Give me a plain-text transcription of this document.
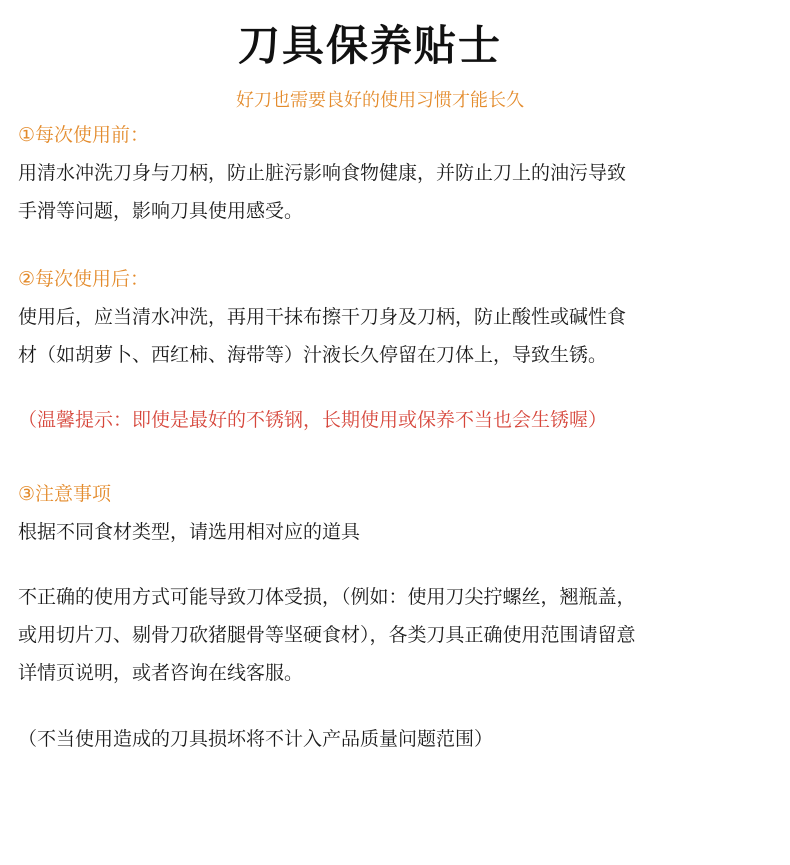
刀具保养贴士
好刀也需要良好的使用习惯才能长久
①每次使用前：
用清水冲洗刀身与刀柄，防止脏污影响食物健康，并防止刀上的油污导致
手滑等问题，影响刀具使用感受。
②每次使用后：
使用后，应当清水冲洗，再用干抹布擦干刀身及刀柄，防止酸性或碱性食
材（如胡萝卜、西红柿、海带等）汁液长久停留在刀体上，导致生锈。
（温馨提示：即使是最好的不锈钢，长期使用或保养不当也会生锈喔）
③注意事项
根据不同食材类型，请选用相对应的道具
不正确的使用方式可能导致刀体受损，（例如：使用刀尖拧螺丝，翘瓶盖，
或用切片刀、剔骨刀砍猪腿骨等坚硬食材），各类刀具正确使用范围请留意
详情页说明，或者咨询在线客服。
（不当使用造成的刀具损坏将不计入产品质量问题范围）
